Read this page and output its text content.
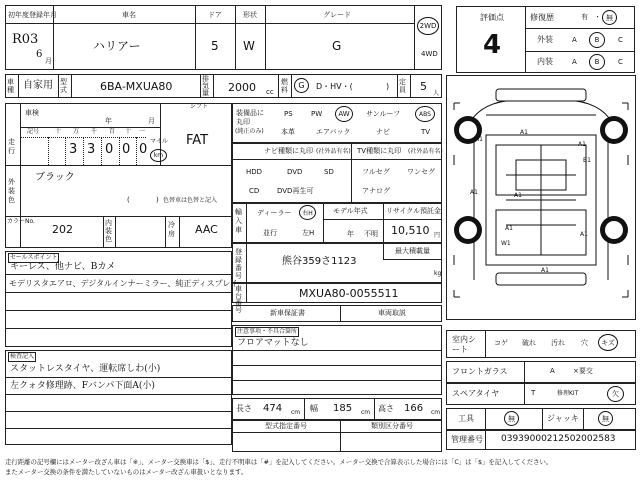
初年度登録年月
R03
6
月
車名
ハリアー
ドア
5
形状
W
グレード
G
2WD
4WD
車種 自家用 型式	6BA-MXUA80
排気量 2000 cc
燃料 G D・HV・(	) 定員 5
人
評価点
4
修復歴	有 ・ 無
外装	A	B	C
内装	A	B	C
車検
年	月
シフト
FAT
走行
記号	十 万 千 百 十 一
3 3 0 0 0
マイル
km
外装色
ブラック
(	) 色替車は色替と記入
カラーNo.
202	内装色
冷房 AAC
セールスポイント
キーレス、他ナビ、Bカメ
モデリスタエアロ、デジタルインナーミラー、純正ディスプレイ
検査記入
スタットレスタイヤ、運転席しわ(小)
左クォタ修理跡、Fバンパ下面A(小)
装備品に丸印
(純正のみ)
PS	PW AW サンルーフ	ABS
本革	エアバック	ナビ	TV
ナビ種類に丸印 (社外品有名) TV種類に丸印 (社外品有名)
HDD	DVD	SD
CD	DVD再生可
フルセグ ワンセグ
アナログ
輸入車
ディーラー 右H
並行	左H
モデル年式
年 不明
リサイクル預託金
10,510 円
登録番号
熊谷359さ1123
最大積載量
kg
車台番号
MXUA80-0055511
新車保証書	車両取説
注意事項・不具合箇所
フロアマットなし
長さ 474 cm 幅 185 cm 高さ 166 cm
型式指定番号	類別区分番号
A1
A1
A1
A1
A1
A1
A1
W1
A1
B1
室内シート
コゲ 破れ 汚れ 穴 キズ
フロントガラス	A	×要交
スペアタイヤ	T	修理KIT	欠
工具	無	ジャッキ	無
管理番号 03939000212502002583
走行距離の記号欄にはメーター改ざん車は「※」、メーター交換車は「$」、走行不明車は「#」を記入してください。メーター交換で合算表示した場合には「C」は「$」を記入してください。
またメーター交換の条件を満たしていないものはメーター改ざん車扱いとなります。
